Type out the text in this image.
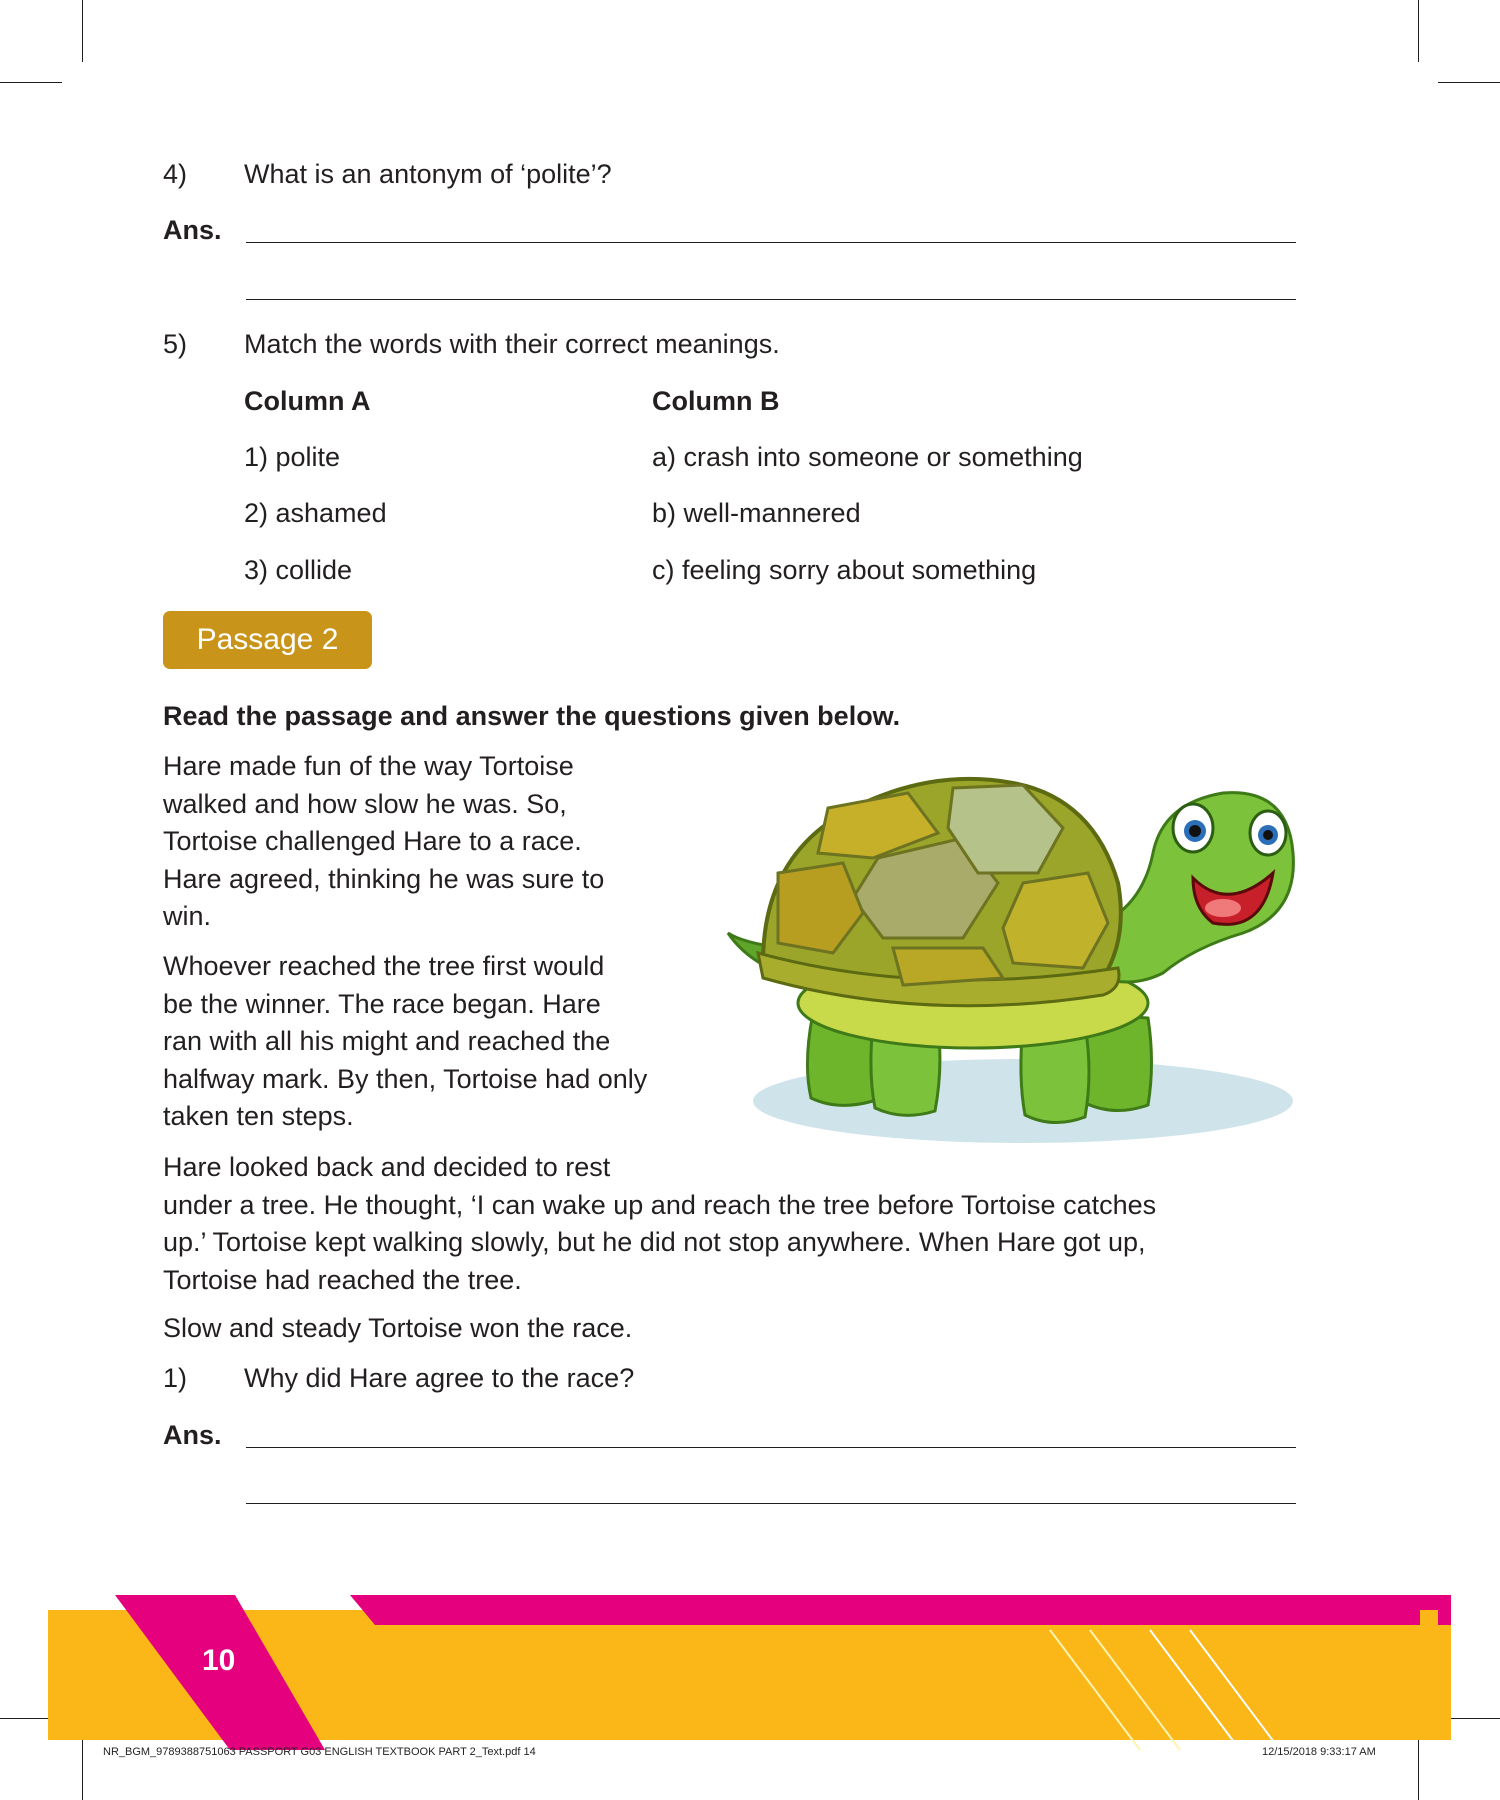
4) What is an antonym of ‘polite’?
Ans.
5) Match the words with their correct meanings.
Column A	Column B
1) polite
2) ashamed
3) collide
a) crash into someone or something
b) well-mannered
c) feeling sorry about something
Passage 2
Read the passage and answer the questions given below.
Hare made fun of the way Tortoise
walked and how slow he was. So,
Tortoise challenged Hare to a race.
Hare agreed, thinking he was sure to
win.
Whoever reached the tree first would
be the winner. The race began. Hare
ran with all his might and reached the
halfway mark. By then, Tortoise had only
taken ten steps.
Hare looked back and decided to rest
under a tree. He thought, ‘I can wake up and reach the tree before Tortoise catches
up.’ Tortoise kept walking slowly, but he did not stop anywhere. When Hare got up,
Tortoise had reached the tree.
Slow and steady Tortoise won the race.
1) Why did Hare agree to the race?
Ans.
10
NR_BGM_9789388751063 PASSPORT G03 ENGLISH TEXTBOOK PART 2_Text.pdf 14	12/15/2018 9:33:17 AM
